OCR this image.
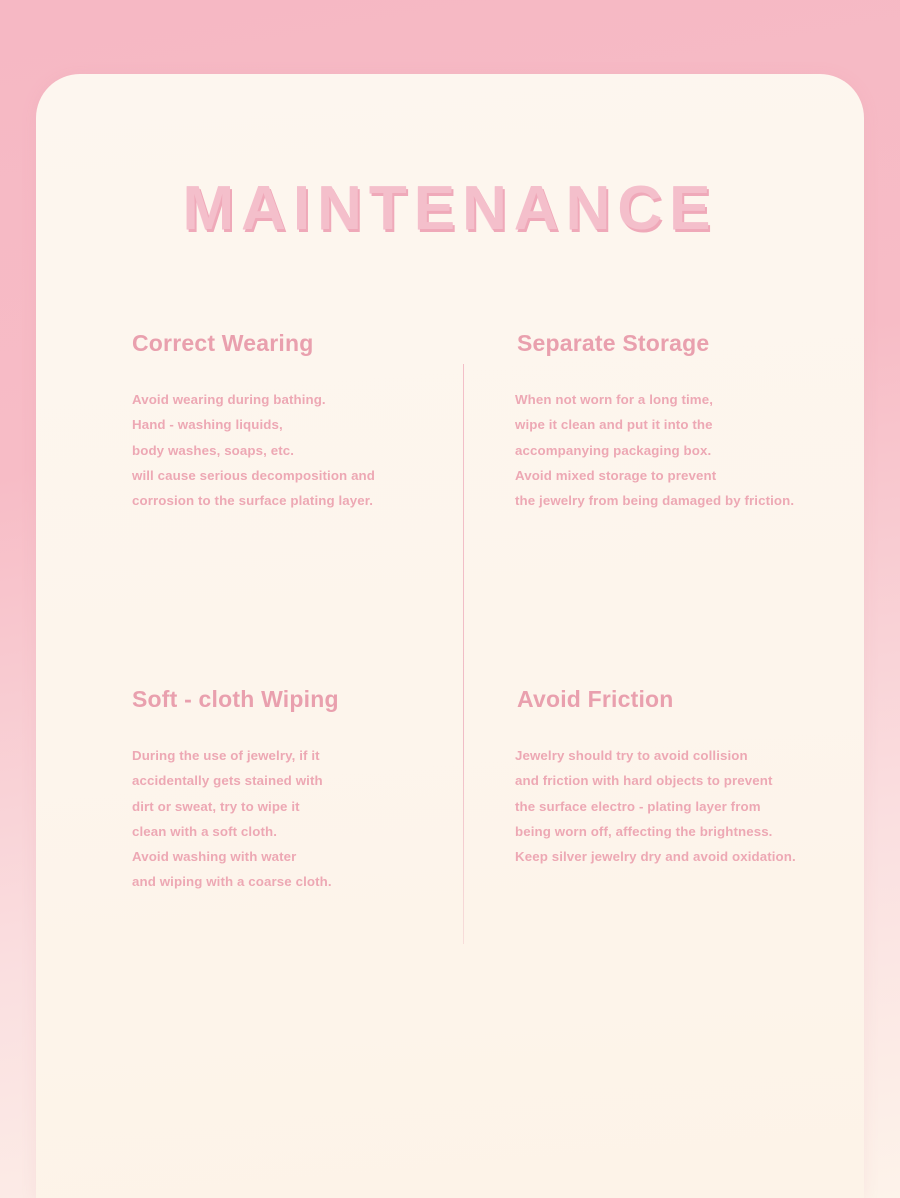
MAINTENANCE
Correct Wearing
Avoid wearing during bathing.
Hand - washing liquids,
body washes, soaps, etc.
will cause serious decomposition and
corrosion to the surface plating layer.
Soft - cloth Wiping
During the use of jewelry, if it
accidentally gets stained with
dirt or sweat, try to wipe it
clean with a soft cloth.
Avoid washing with water
and wiping with a coarse cloth.
Separate Storage
When not worn for a long time,
wipe it clean and put it into the
accompanying packaging box.
Avoid mixed storage to prevent
the jewelry from being damaged by friction.
Avoid Friction
Jewelry should try to avoid collision
and friction with hard objects to prevent
the surface electro - plating layer from
being worn off, affecting the brightness.
Keep silver jewelry dry and avoid oxidation.
